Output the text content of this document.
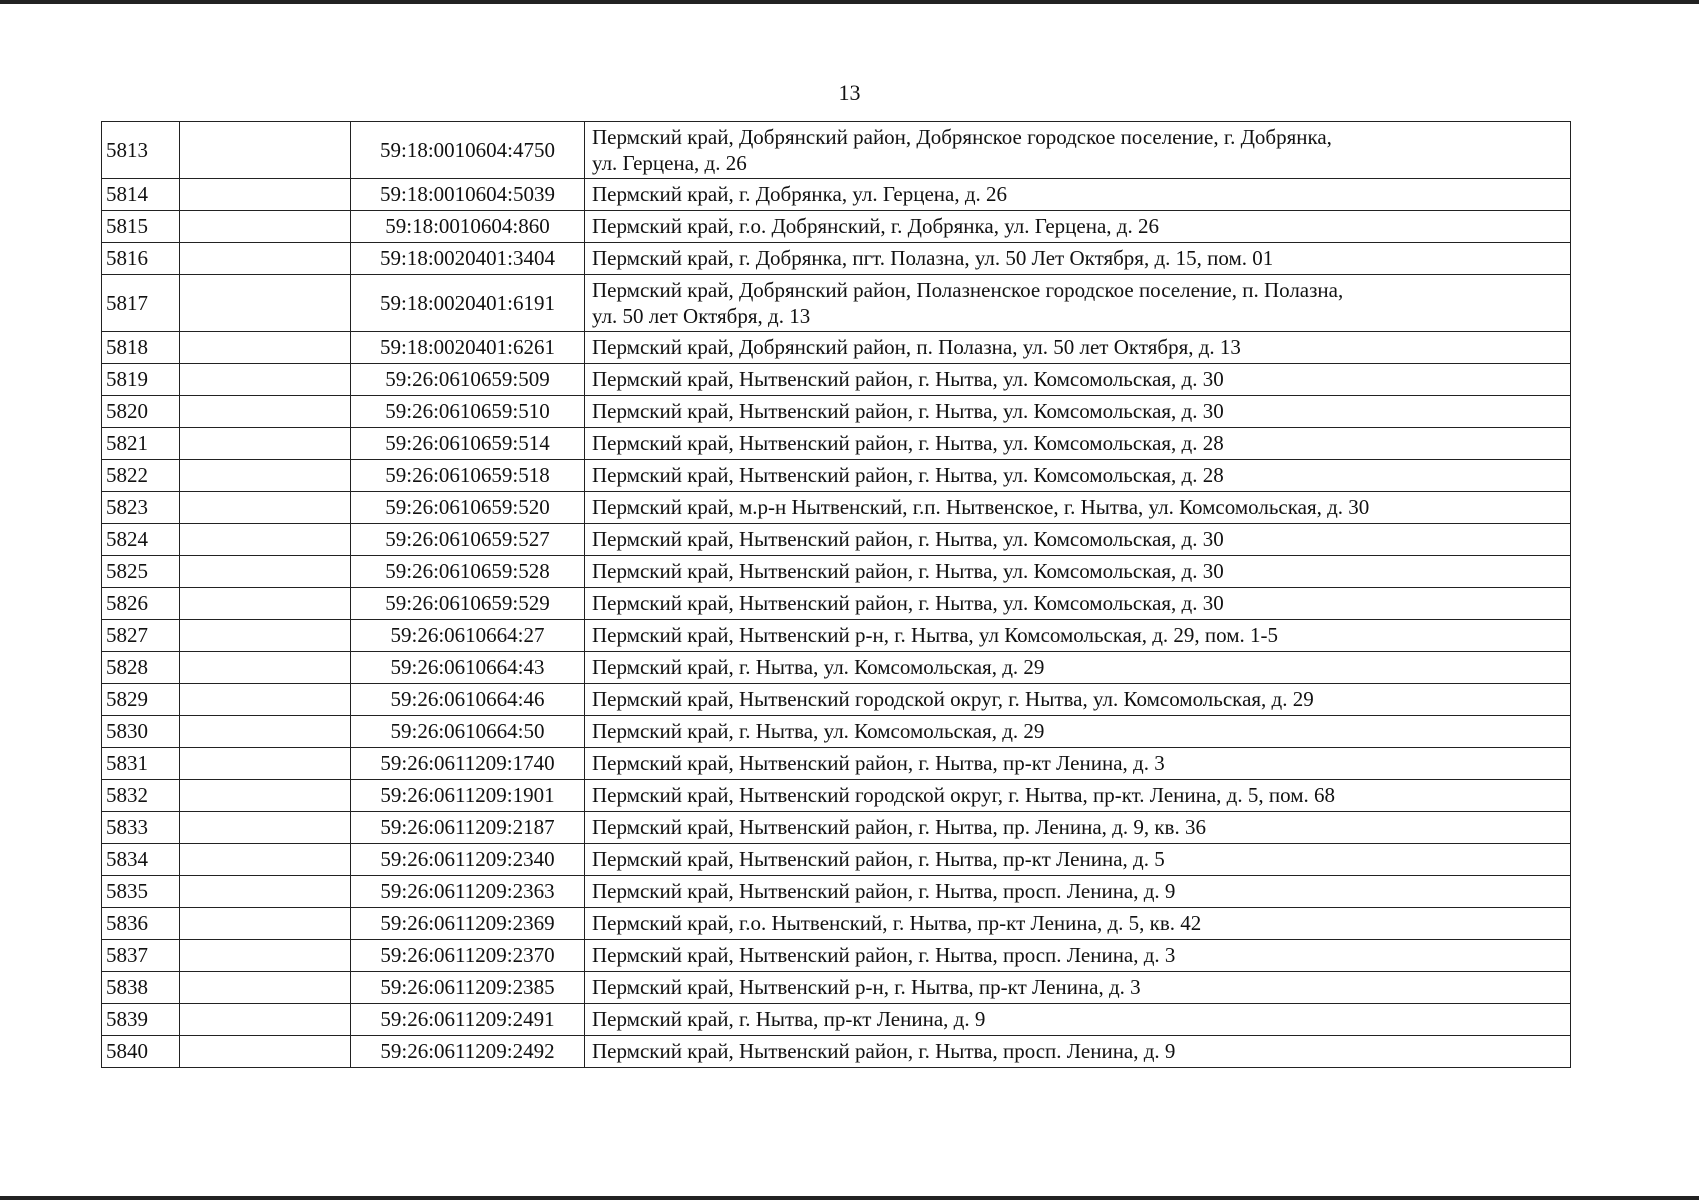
13
5813		59:18:0010604:4750	Пермский край, Добрянский район, Добрянское городское поселение, г. Добрянка,
ул. Герцена, д. 26

5814		59:18:0010604:5039	Пермский край, г. Добрянка, ул. Герцена, д. 26

5815		59:18:0010604:860	Пермский край, г.о. Добрянский, г. Добрянка, ул. Герцена, д. 26

5816		59:18:0020401:3404	Пермский край, г. Добрянка, пгт. Полазна, ул. 50 Лет Октября, д. 15, пом. 01

5817		59:18:0020401:6191	Пермский край, Добрянский район, Полазненское городское поселение, п. Полазна,
ул. 50 лет Октября, д. 13

5818		59:18:0020401:6261	Пермский край, Добрянский район, п. Полазна, ул. 50 лет Октября, д. 13

5819		59:26:0610659:509	Пермский край, Нытвенский район, г. Нытва, ул. Комсомольская, д. 30

5820		59:26:0610659:510	Пермский край, Нытвенский район, г. Нытва, ул. Комсомольская, д. 30

5821		59:26:0610659:514	Пермский край, Нытвенский район, г. Нытва, ул. Комсомольская, д. 28

5822		59:26:0610659:518	Пермский край, Нытвенский район, г. Нытва, ул. Комсомольская, д. 28

5823		59:26:0610659:520	Пермский край, м.р-н Нытвенский, г.п. Нытвенское, г. Нытва, ул. Комсомольская, д. 30

5824		59:26:0610659:527	Пермский край, Нытвенский район, г. Нытва, ул. Комсомольская, д. 30

5825		59:26:0610659:528	Пермский край, Нытвенский район, г. Нытва, ул. Комсомольская, д. 30

5826		59:26:0610659:529	Пермский край, Нытвенский район, г. Нытва, ул. Комсомольская, д. 30

5827		59:26:0610664:27	Пермский край, Нытвенский р-н, г. Нытва, ул Комсомольская, д. 29, пом. 1-5

5828		59:26:0610664:43	Пермский край, г. Нытва, ул. Комсомольская, д. 29

5829		59:26:0610664:46	Пермский край, Нытвенский городской округ, г. Нытва, ул. Комсомольская, д. 29

5830		59:26:0610664:50	Пермский край, г. Нытва, ул. Комсомольская, д. 29

5831		59:26:0611209:1740	Пермский край, Нытвенский район, г. Нытва, пр-кт Ленина, д. 3

5832		59:26:0611209:1901	Пермский край, Нытвенский городской округ, г. Нытва, пр-кт. Ленина, д. 5, пом. 68

5833		59:26:0611209:2187	Пермский край, Нытвенский район, г. Нытва, пр. Ленина, д. 9, кв. 36

5834		59:26:0611209:2340	Пермский край, Нытвенский район, г. Нытва, пр-кт Ленина, д. 5

5835		59:26:0611209:2363	Пермский край, Нытвенский район, г. Нытва, просп. Ленина, д. 9

5836		59:26:0611209:2369	Пермский край, г.о. Нытвенский, г. Нытва, пр-кт Ленина, д. 5, кв. 42

5837		59:26:0611209:2370	Пермский край, Нытвенский район, г. Нытва, просп. Ленина, д. 3

5838		59:26:0611209:2385	Пермский край, Нытвенский р-н, г. Нытва, пр-кт Ленина, д. 3

5839		59:26:0611209:2491	Пермский край, г. Нытва, пр-кт Ленина, д. 9

5840		59:26:0611209:2492	Пермский край, Нытвенский район, г. Нытва, просп. Ленина, д. 9
